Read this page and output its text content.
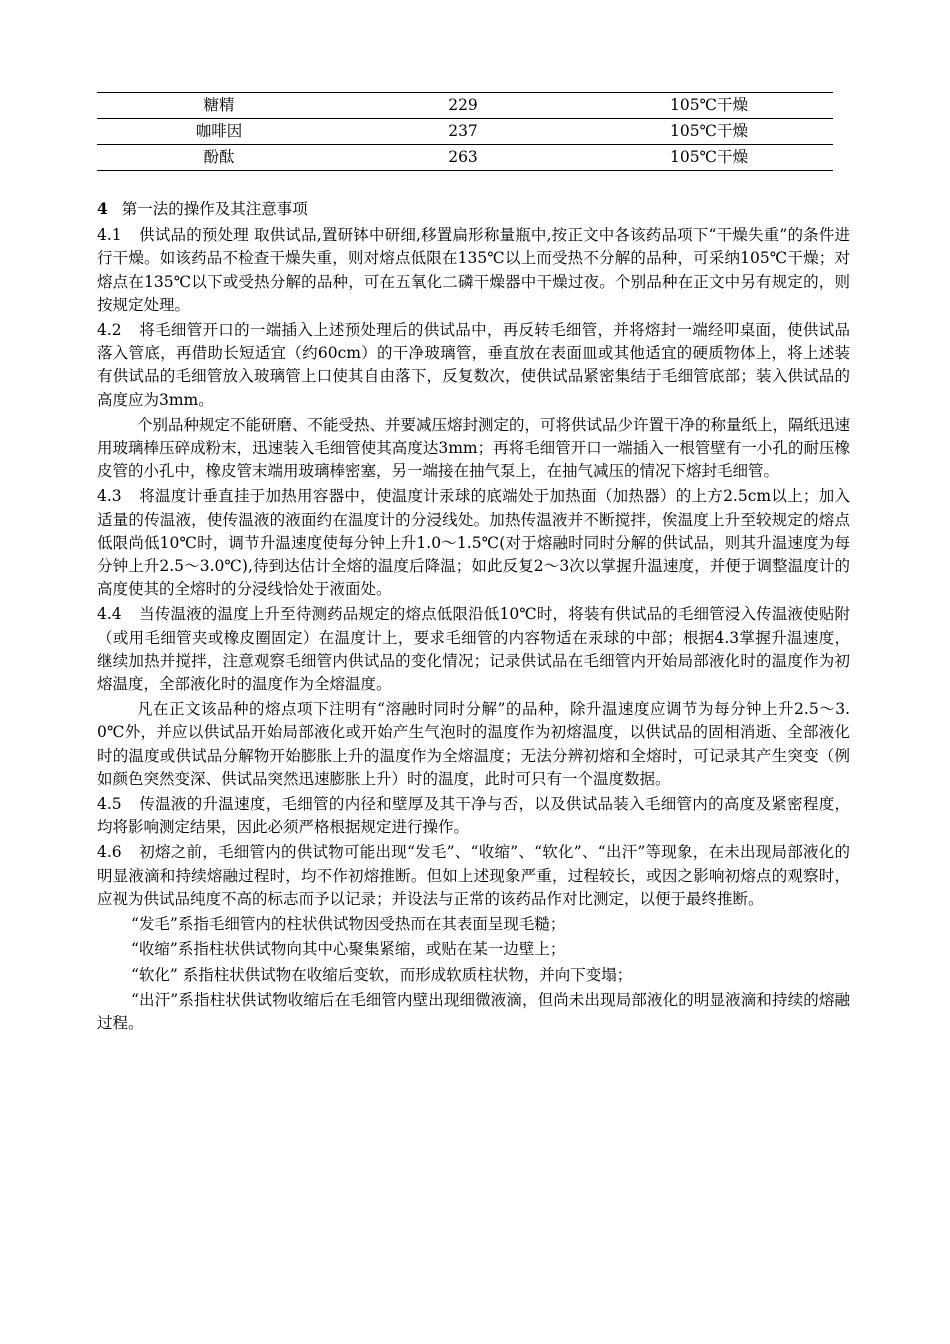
糖精	229	105℃干燥
咖啡因	237	105℃干燥
酚酞	263	105℃干燥

4 第一法的操作及其注意事项

4.1 供试品的预处理 取供试品,置研钵中研细,移置扁形称量瓶中,按正文中各该药品项下“干燥失重”的条件进行干燥。如该药品不检查干燥失重，则对熔点低限在135℃以上而受热不分解的品种，可采纳105℃干燥；对熔点在135℃以下或受热分解的品种，可在五氧化二磷干燥器中干燥过夜。个别品种在正文中另有规定的，则按规定处理。

4.2 将毛细管开口的一端插入上述预处理后的供试品中，再反转毛细管，并将熔封一端经叩桌面，使供试品落入管底，再借助长短适宜（约60cm）的干净玻璃管，垂直放在表面皿或其他适宜的硬质物体上，将上述装有供试品的毛细管放入玻璃管上口使其自由落下，反复数次，使供试品紧密集结于毛细管底部；装入供试品的高度应为3mm。

个别品种规定不能研磨、不能受热、并要减压熔封测定的，可将供试品少许置干净的称量纸上，隔纸迅速用玻璃棒压碎成粉末，迅速装入毛细管使其高度达3mm；再将毛细管开口一端插入一根管壁有一小孔的耐压橡皮管的小孔中，橡皮管末端用玻璃棒密塞，另一端接在抽气泵上，在抽气减压的情况下熔封毛细管。

4.3 将温度计垂直挂于加热用容器中，使温度计汞球的底端处于加热面（加热器）的上方2.5cm以上；加入适量的传温液，使传温液的液面约在温度计的分浸线处。加热传温液并不断搅拌，俟温度上升至较规定的熔点低限尚低10℃时，调节升温速度使每分钟上升1.0～1.5℃(对于熔融时同时分解的供试品，则其升温速度为每分钟上升2.5～3.0℃),待到达估计全熔的温度后降温；如此反复2～3次以掌握升温速度，并便于调整温度计的高度使其的全熔时的分浸线恰处于液面处。

4.4 当传温液的温度上升至待测药品规定的熔点低限沿低10℃时，将装有供试品的毛细管浸入传温液使贴附（或用毛细管夹或橡皮圈固定）在温度计上，要求毛细管的内容物适在汞球的中部；根据4.3掌握升温速度，继续加热并搅拌，注意观察毛细管内供试品的变化情况；记录供试品在毛细管内开始局部液化时的温度作为初熔温度，全部液化时的温度作为全熔温度。

凡在正文该品种的熔点项下注明有“溶融时同时分解”的品种，除升温速度应调节为每分钟上升2.5～3.0℃外，并应以供试品开始局部液化或开始产生气泡时的温度作为初熔温度，以供试品的固相消逝、全部液化时的温度或供试品分解物开始膨胀上升的温度作为全熔温度；无法分辨初熔和全熔时，可记录其产生突变（例如颜色突然变深、供试品突然迅速膨胀上升）时的温度，此时可只有一个温度数据。

4.5 传温液的升温速度，毛细管的内径和壁厚及其干净与否，以及供试品装入毛细管内的高度及紧密程度，均将影响测定结果，因此必须严格根据规定进行操作。

4.6 初熔之前，毛细管内的供试物可能出现“发毛”、“收缩”、“软化”、“出汗”等现象，在未出现局部液化的明显液滴和持续熔融过程时，均不作初熔推断。但如上述现象严重，过程较长，或因之影响初熔点的观察时，应视为供试品纯度不高的标志而予以记录；并设法与正常的该药品作对比测定，以便于最终推断。

“发毛”系指毛细管内的柱状供试物因受热而在其表面呈现毛糙；

“收缩”系指柱状供试物向其中心聚集紧缩，或贴在某一边壁上；

“软化” 系指柱状供试物在收缩后变软，而形成软质柱状物，并向下变塌；

“出汗”系指柱状供试物收缩后在毛细管内壁出现细微液滴，但尚未出现局部液化的明显液滴和持续的熔融过程。
